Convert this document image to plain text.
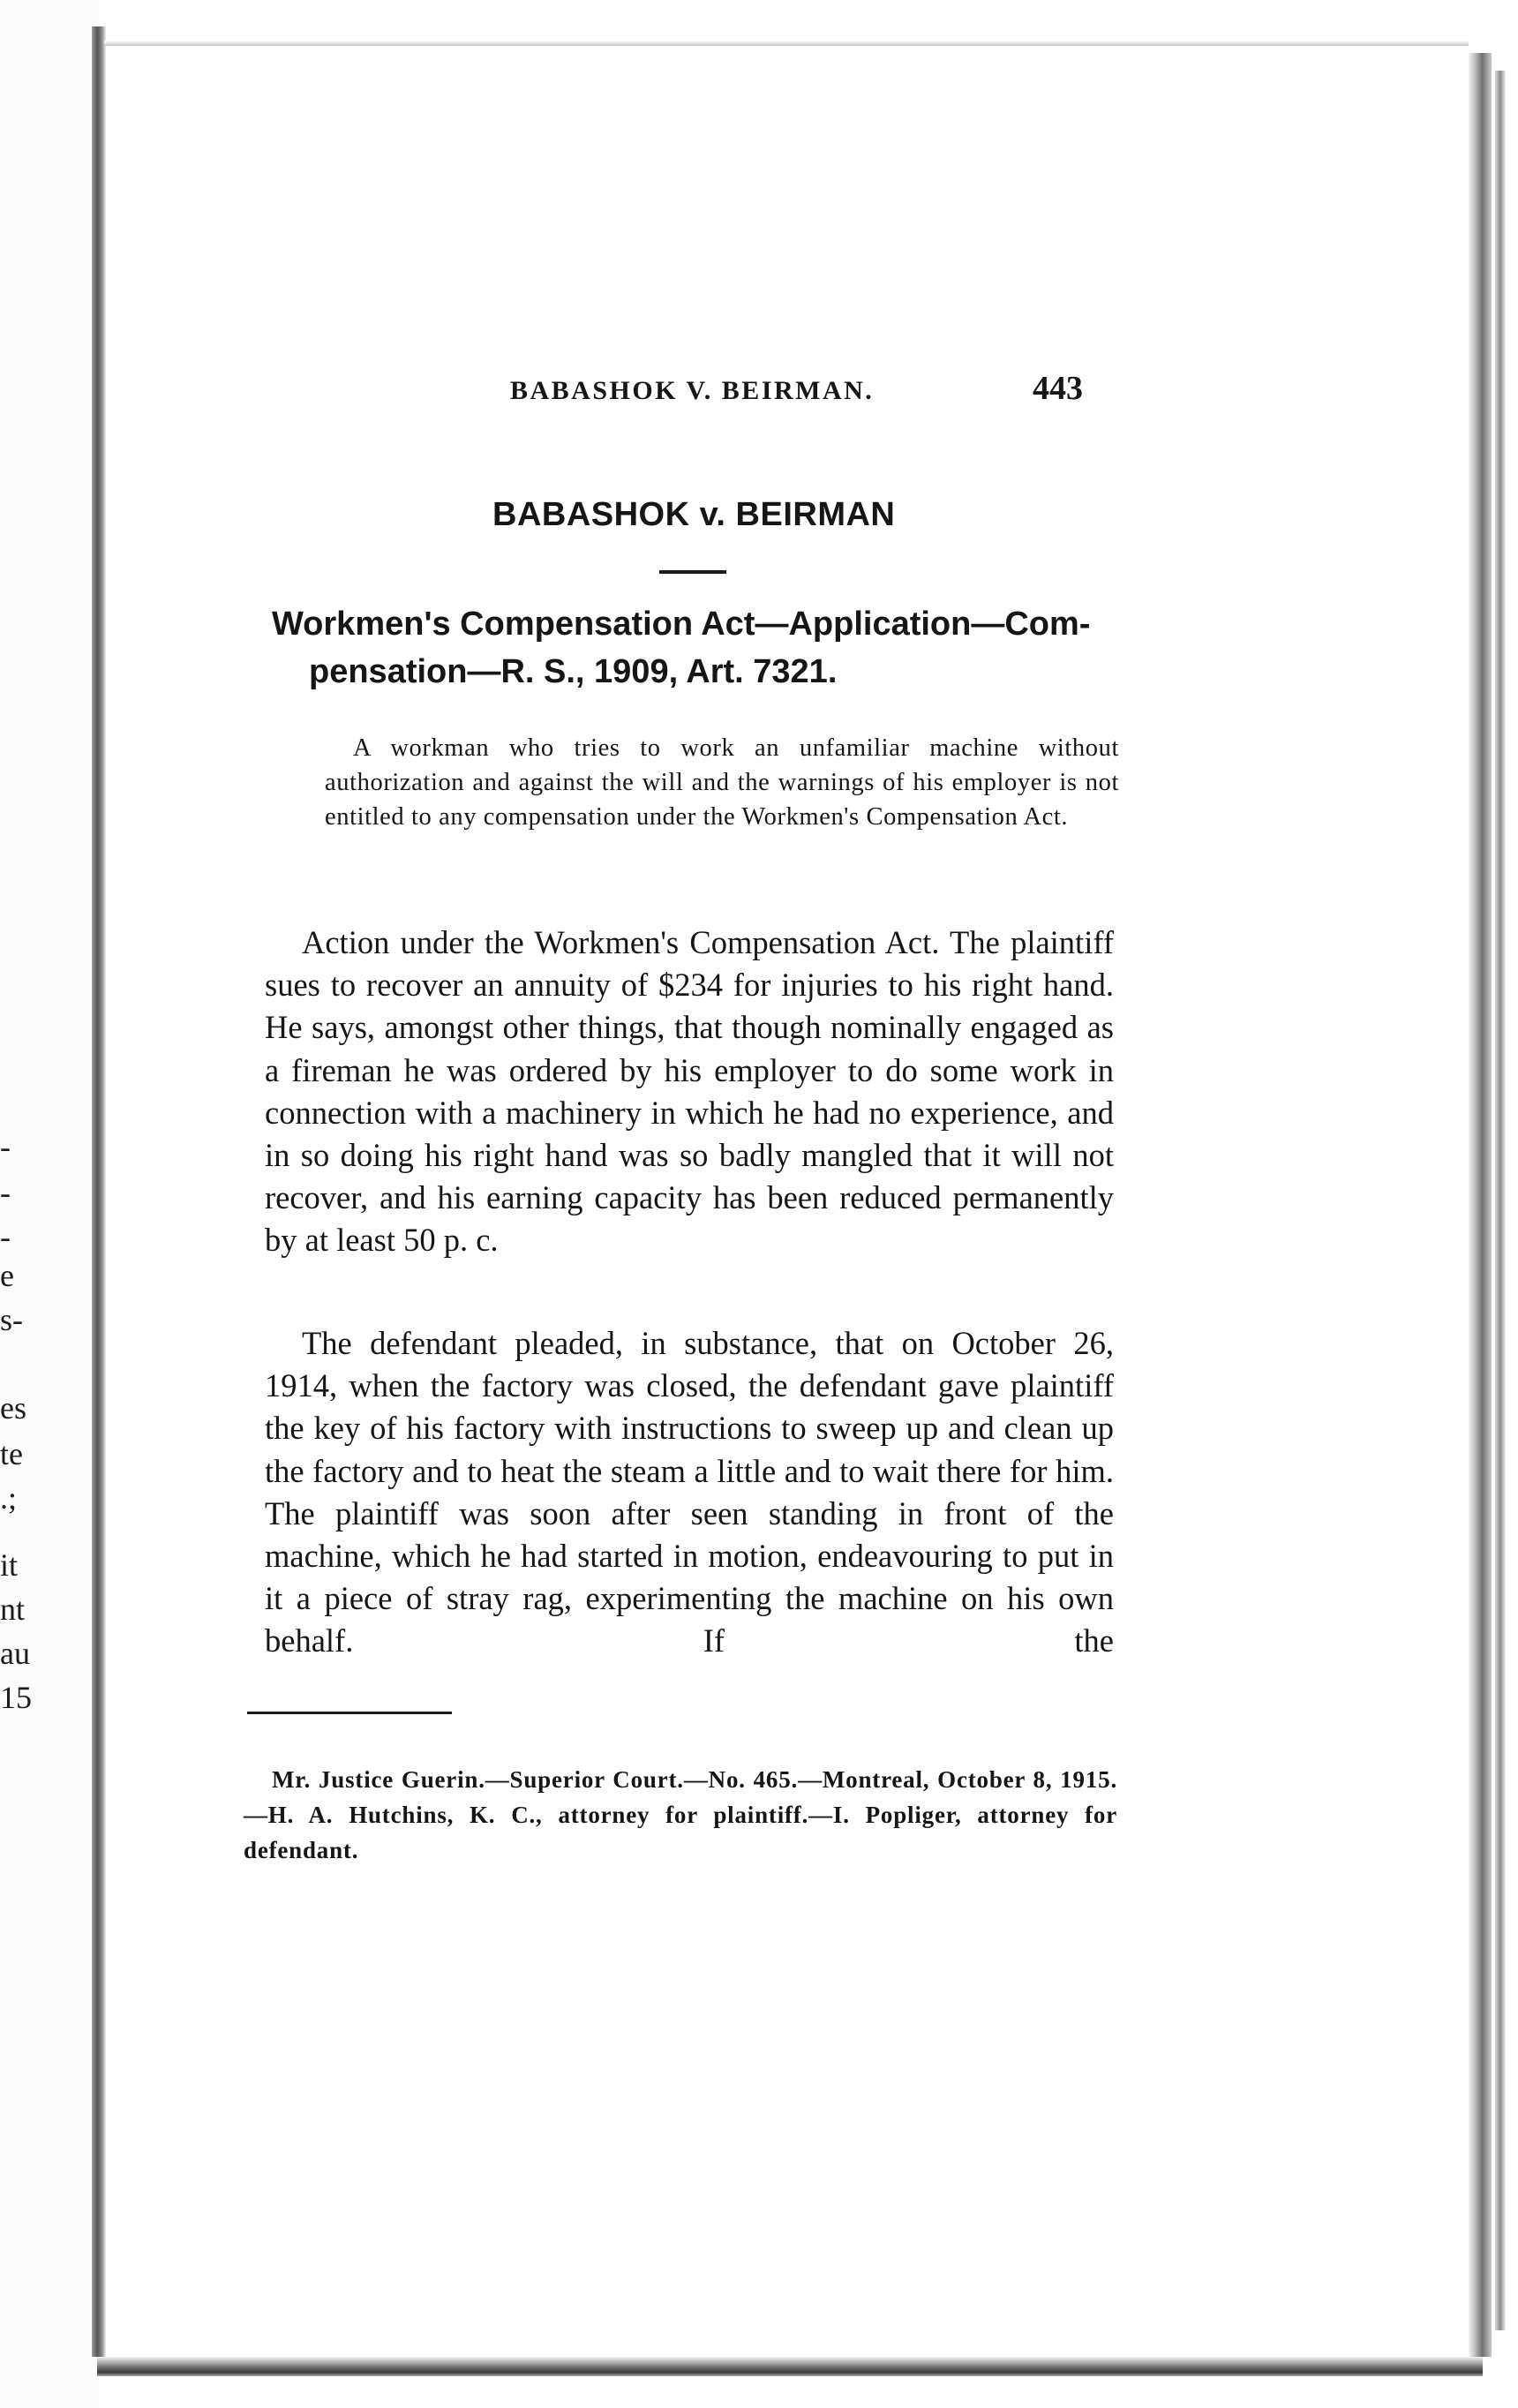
-
-
-
e
s-
es
te
.;
it
nt
au
15
BABASHOK V. BEIRMAN.	443
BABASHOK v. BEIRMAN
Workmen's Compensation Act—Application—Com-
pensation—R. S., 1909, Art. 7321.
A workman who tries to work an unfamiliar machine without authorization and against the will and the warnings of his employer is not entitled to any compensation under the Workmen's Compensation Act.
Action under the Workmen's Compensation Act. The plaintiff sues to recover an annuity of $234 for injuries to his right hand. He says, amongst other things, that though nominally engaged as a fireman he was ordered by his employer to do some work in connection with a machinery in which he had no experience, and in so doing his right hand was so badly mangled that it will not recover, and his earning capacity has been reduced permanently by at least 50 p. c.
The defendant pleaded, in substance, that on October 26, 1914, when the factory was closed, the defendant gave plaintiff the key of his factory with instructions to sweep up and clean up the factory and to heat the steam a little and to wait there for him. The plaintiff was soon after seen standing in front of the machine, which he had started in motion, endeavouring to put in it a piece of stray rag, experimenting the machine on his own behalf. If the
Mr. Justice Guerin.—Superior Court.—No. 465.—Montreal, October 8, 1915.—H. A. Hutchins, K. C., attorney for plaintiff.—I. Popliger, attorney for defendant.
